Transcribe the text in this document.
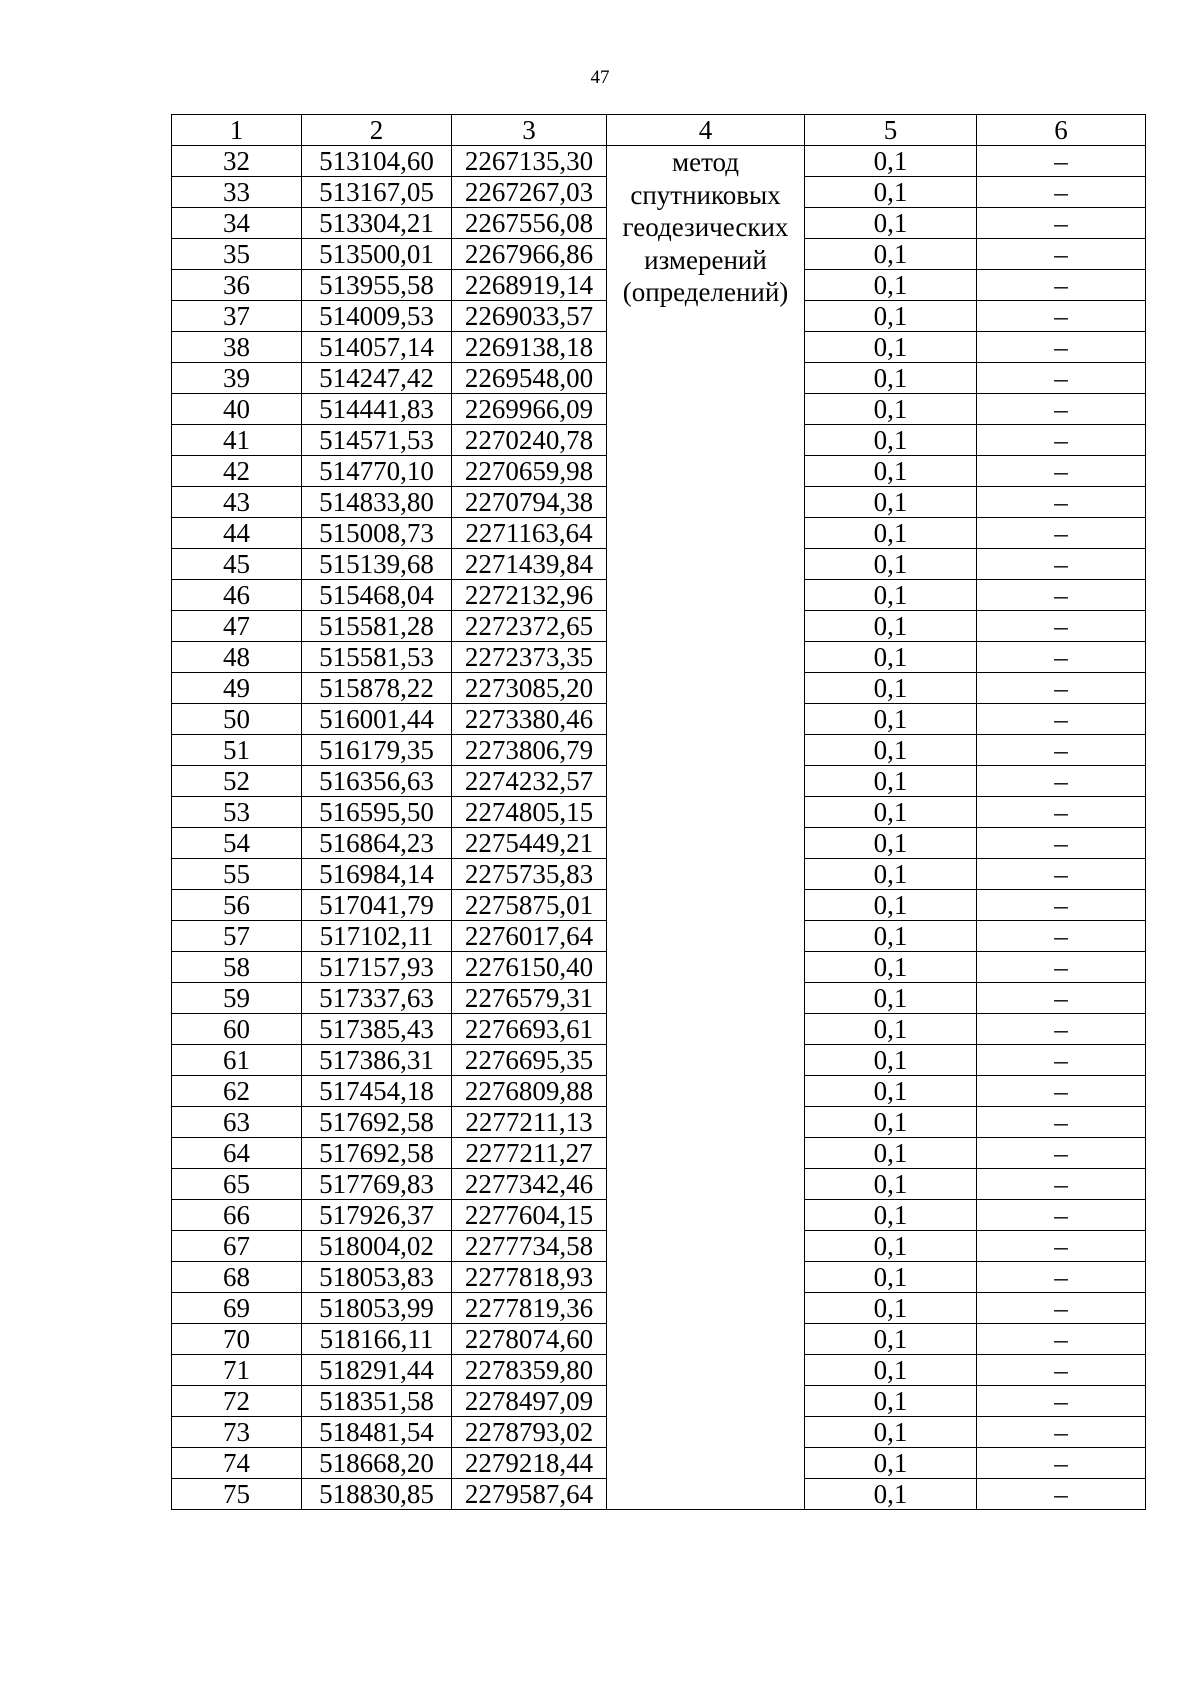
47
1	2	3	4	5	6
32	513104,60	2267135,30	метод
спутниковых
геодезических
измерений
(определений)	0,1	–
33	513167,05	2267267,03		0,1	–
34	513304,21	2267556,08		0,1	–
35	513500,01	2267966,86		0,1	–
36	513955,58	2268919,14		0,1	–
37	514009,53	2269033,57		0,1	–
38	514057,14	2269138,18		0,1	–
39	514247,42	2269548,00		0,1	–
40	514441,83	2269966,09		0,1	–
41	514571,53	2270240,78		0,1	–
42	514770,10	2270659,98		0,1	–
43	514833,80	2270794,38		0,1	–
44	515008,73	2271163,64		0,1	–
45	515139,68	2271439,84		0,1	–
46	515468,04	2272132,96		0,1	–
47	515581,28	2272372,65		0,1	–
48	515581,53	2272373,35		0,1	–
49	515878,22	2273085,20		0,1	–
50	516001,44	2273380,46		0,1	–
51	516179,35	2273806,79		0,1	–
52	516356,63	2274232,57		0,1	–
53	516595,50	2274805,15		0,1	–
54	516864,23	2275449,21		0,1	–
55	516984,14	2275735,83		0,1	–
56	517041,79	2275875,01		0,1	–
57	517102,11	2276017,64		0,1	–
58	517157,93	2276150,40		0,1	–
59	517337,63	2276579,31		0,1	–
60	517385,43	2276693,61		0,1	–
61	517386,31	2276695,35		0,1	–
62	517454,18	2276809,88		0,1	–
63	517692,58	2277211,13		0,1	–
64	517692,58	2277211,27		0,1	–
65	517769,83	2277342,46		0,1	–
66	517926,37	2277604,15		0,1	–
67	518004,02	2277734,58		0,1	–
68	518053,83	2277818,93		0,1	–
69	518053,99	2277819,36		0,1	–
70	518166,11	2278074,60		0,1	–
71	518291,44	2278359,80		0,1	–
72	518351,58	2278497,09		0,1	–
73	518481,54	2278793,02		0,1	–
74	518668,20	2279218,44		0,1	–
75	518830,85	2279587,64		0,1	–
